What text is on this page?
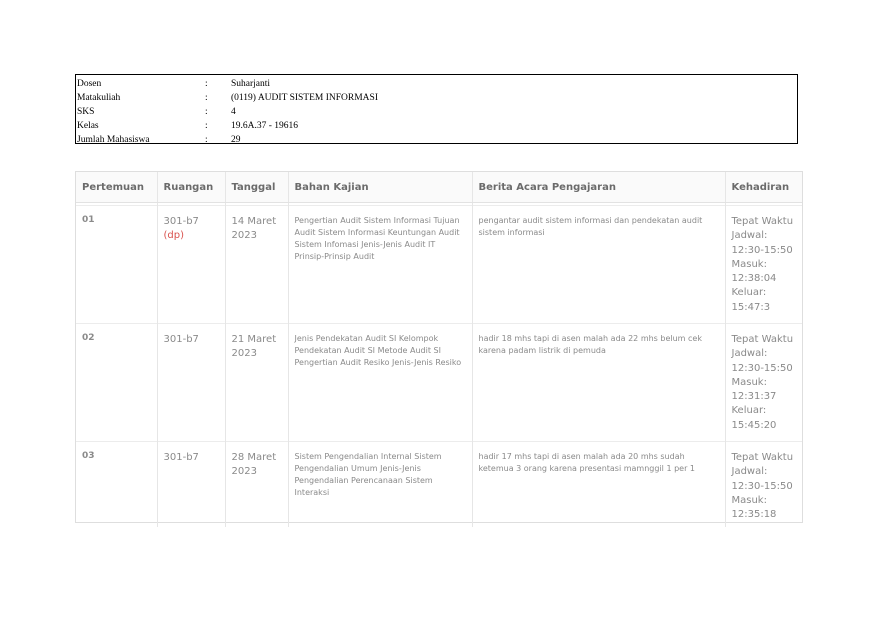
Dosen	:	Suharjanti
Matakuliah	:	(0119) AUDIT SISTEM INFORMASI
SKS	:	4
Kelas	:	19.6A.37 - 19616
Jumlah Mahasiswa	:	29
Pertemuan	Ruangan	Tanggal	Bahan Kajian	Berita Acara Pengajaran	Kehadiran

01	301-b7 (dp)	14 Maret 2023	Pengertian Audit Sistem Informasi Tujuan Audit Sistem Informasi Keuntungan Audit Sistem Infomasi Jenis-Jenis Audit IT Prinsip-Prinsip Audit	pengantar audit sistem informasi dan pendekatan audit sistem informasi	Tepat Waktu
Jadwal: 12:30-15:50
Masuk: 12:38:04
Keluar: 15:47:3

02	301-b7	21 Maret 2023	Jenis Pendekatan Audit SI Kelompok Pendekatan Audit SI Metode Audit SI Pengertian Audit Resiko Jenis-Jenis Resiko	hadir 18 mhs tapi di asen malah ada 22 mhs belum cek karena padam listrik di pemuda	Tepat Waktu
Jadwal: 12:30-15:50
Masuk: 12:31:37
Keluar: 15:45:20

03	301-b7	28 Maret 2023	Sistem Pengendalian Internal Sistem Pengendalian Umum Jenis-Jenis Pengendalian Perencanaan Sistem Interaksi	hadir 17 mhs tapi di asen malah ada 20 mhs sudah ketemua 3 orang karena presentasi mamnggil 1 per 1	Tepat Waktu
Jadwal: 12:30-15:50
Masuk: 12:35:18
